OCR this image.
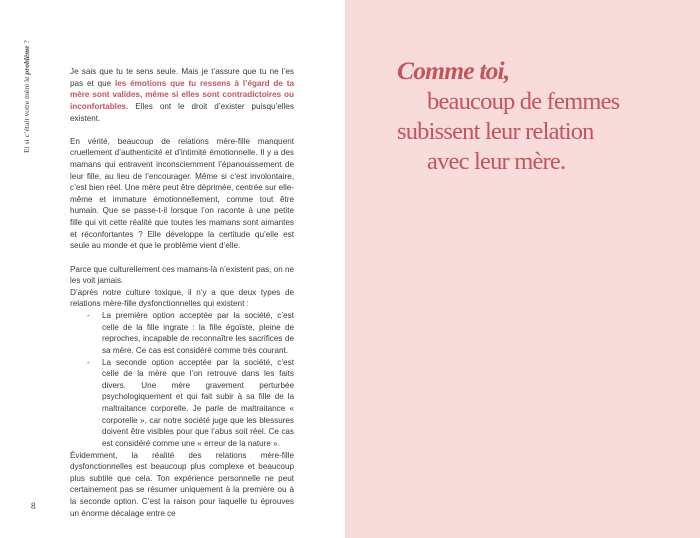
Et si c’était votre mère le problème ?

Je sais que tu te sens seule. Mais je t’assure que tu ne l’es pas et que les émotions que tu ressens à l’égard de ta mère sont valides, même si elles sont contradictoires ou inconfortables. Elles ont le droit d’exister puisqu’elles existent.

En vérité, beaucoup de relations mère-fille manquent cruellement d’authenticité et d’intimité émotionnelle. Il y a des mamans qui entravent inconsciemment l’épanouissement de leur fille, au lieu de l’encourager. Même si c’est involontaire, c’est bien réel. Une mère peut être déprimée, centrée sur elle-même et immature émotionnellement, comme tout être humain. Que se passe-t-il lorsque l’on raconte à une petite fille qui vit cette réalité que toutes les mamans sont aimantes et réconfortantes ? Elle développe la certitude qu’elle est seule au monde et que le problème vient d’elle.

Parce que culturellement ces mamans-là n’existent pas, on ne les voit jamais.

D’après notre culture toxique, il n’y a que deux types de relations mère-fille dysfonctionnelles qui existent :

- La première option acceptée par la société, c’est celle de la fille ingrate : la fille égoïste, pleine de reproches, incapable de reconnaître les sacrifices de sa mère. Ce cas est considéré comme très courant.
- La seconde option acceptée par la société, c’est celle de la mère que l’on retrouve dans les faits divers. Une mère gravement perturbée psychologiquement et qui fait subir à sa fille de la maltraitance corporelle. Je parle de maltraitance « corporelle », car notre société juge que les blessures doivent être visibles pour que l’abus soit réel. Ce cas est considéré comme une « erreur de la nature ».

Évidemment, la réalité des relations mère-fille dysfonctionnelles est beaucoup plus complexe et beaucoup plus subtile que cela. Ton expérience personnelle ne peut certainement pas se résumer uniquement à la première ou à la seconde option. C’est la raison pour laquelle tu éprouves un énorme décalage entre ce

8
Comme toi,
beaucoup de femmes
subissent leur relation
avec leur mère.
